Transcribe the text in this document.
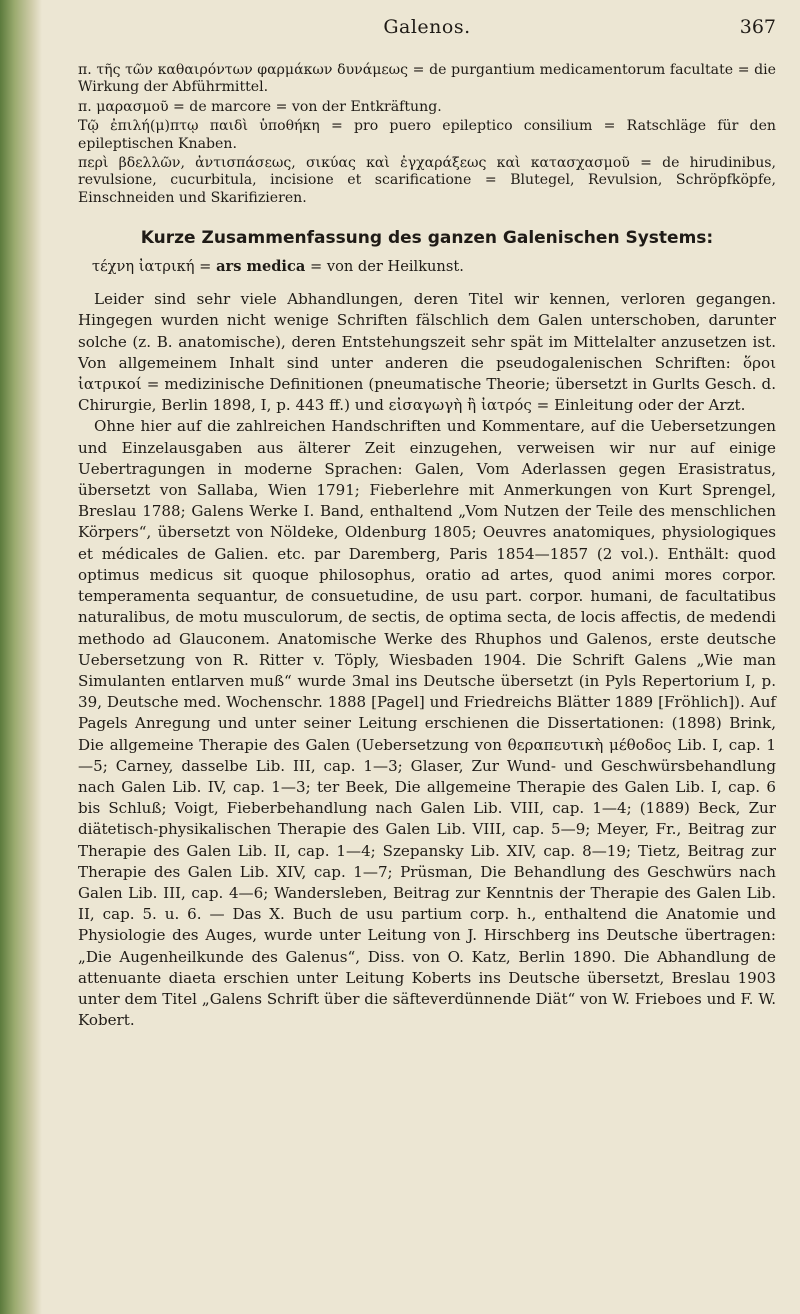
Galenos.	367

π. τῆς τῶν καθαιρόντων φαρμάκων δυνάμεως = de purgantium medicamentorum facultate = die Wirkung der Abführmittel.

π. μαρασμοῦ = de marcore = von der Entkräftung.

Τῷ ἐπιλή(μ)πτῳ παιδὶ ὑποθήκη = pro puero epileptico consilium = Ratschläge für den epileptischen Knaben.

περὶ βδελλῶν, ἀντισπάσεως, σικύας καὶ ἐγχαράξεως καὶ κατασχασμοῦ = de hirudinibus, revulsione, cucurbitula, incisione et scarificatione = Blutegel, Revulsion, Schröpfköpfe, Einschneiden und Skarifizieren.

Kurze Zusammenfassung des ganzen Galenischen Systems:
τέχνη ἰατρική = ars medica = von der Heilkunst.

Leider sind sehr viele Abhandlungen, deren Titel wir kennen, verloren gegangen. Hingegen wurden nicht wenige Schriften fälschlich dem Galen unterschoben, darunter solche (z. B. anatomische), deren Entstehungszeit sehr spät im Mittelalter anzusetzen ist. Von allgemeinem Inhalt sind unter anderen die pseudogalenischen Schriften: ὅροι ἰατρικοί = medizinische Definitionen (pneumatische Theorie; übersetzt in Gurlts Gesch. d. Chirurgie, Berlin 1898, I, p. 443 ff.) und εἰσαγωγὴ ἢ ἰατρός = Einleitung oder der Arzt.

Ohne hier auf die zahlreichen Handschriften und Kommentare, auf die Uebersetzungen und Einzelausgaben aus älterer Zeit einzugehen, verweisen wir nur auf einige Uebertragungen in moderne Sprachen: Galen, Vom Aderlassen gegen Erasistratus, übersetzt von Sallaba, Wien 1791; Fieberlehre mit Anmerkungen von Kurt Sprengel, Breslau 1788; Galens Werke I. Band, enthaltend „Vom Nutzen der Teile des menschlichen Körpers“, übersetzt von Nöldeke, Oldenburg 1805; Oeuvres anatomiques, physiologiques et médicales de Galien. etc. par Daremberg, Paris 1854—1857 (2 vol.). Enthält: quod optimus medicus sit quoque philosophus, oratio ad artes, quod animi mores corpor. temperamenta sequantur, de consuetudine, de usu part. corpor. humani, de facultatibus naturalibus, de motu musculorum, de sectis, de optima secta, de locis affectis, de medendi methodo ad Glauconem. Anatomische Werke des Rhuphos und Galenos, erste deutsche Uebersetzung von R. Ritter v. Töply, Wiesbaden 1904. Die Schrift Galens „Wie man Simulanten entlarven muß“ wurde 3mal ins Deutsche übersetzt (in Pyls Repertorium I, p. 39, Deutsche med. Wochenschr. 1888 [Pagel] und Friedreichs Blätter 1889 [Fröhlich]). Auf Pagels Anregung und unter seiner Leitung erschienen die Dissertationen: (1898) Brink, Die allgemeine Therapie des Galen (Uebersetzung von θεραπευτικὴ μέθοδος Lib. I, cap. 1—5; Carney, dasselbe Lib. III, cap. 1—3; Glaser, Zur Wund- und Geschwürsbehandlung nach Galen Lib. IV, cap. 1—3; ter Beek, Die allgemeine Therapie des Galen Lib. I, cap. 6 bis Schluß; Voigt, Fieberbehandlung nach Galen Lib. VIII, cap. 1—4; (1889) Beck, Zur diätetisch-physikalischen Therapie des Galen Lib. VIII, cap. 5—9; Meyer, Fr., Beitrag zur Therapie des Galen Lib. II, cap. 1—4; Szepansky Lib. XIV, cap. 8—19; Tietz, Beitrag zur Therapie des Galen Lib. XIV, cap. 1—7; Prüsman, Die Behandlung des Geschwürs nach Galen Lib. III, cap. 4—6; Wandersleben, Beitrag zur Kenntnis der Therapie des Galen Lib. II, cap. 5. u. 6. — Das X. Buch de usu partium corp. h., enthaltend die Anatomie und Physiologie des Auges, wurde unter Leitung von J. Hirschberg ins Deutsche übertragen: „Die Augenheilkunde des Galenus“, Diss. von O. Katz, Berlin 1890. Die Abhandlung de attenuante diaeta erschien unter Leitung Koberts ins Deutsche übersetzt, Breslau 1903 unter dem Titel „Galens Schrift über die säfteverdünnende Diät“ von W. Frieboes und F. W. Kobert.
